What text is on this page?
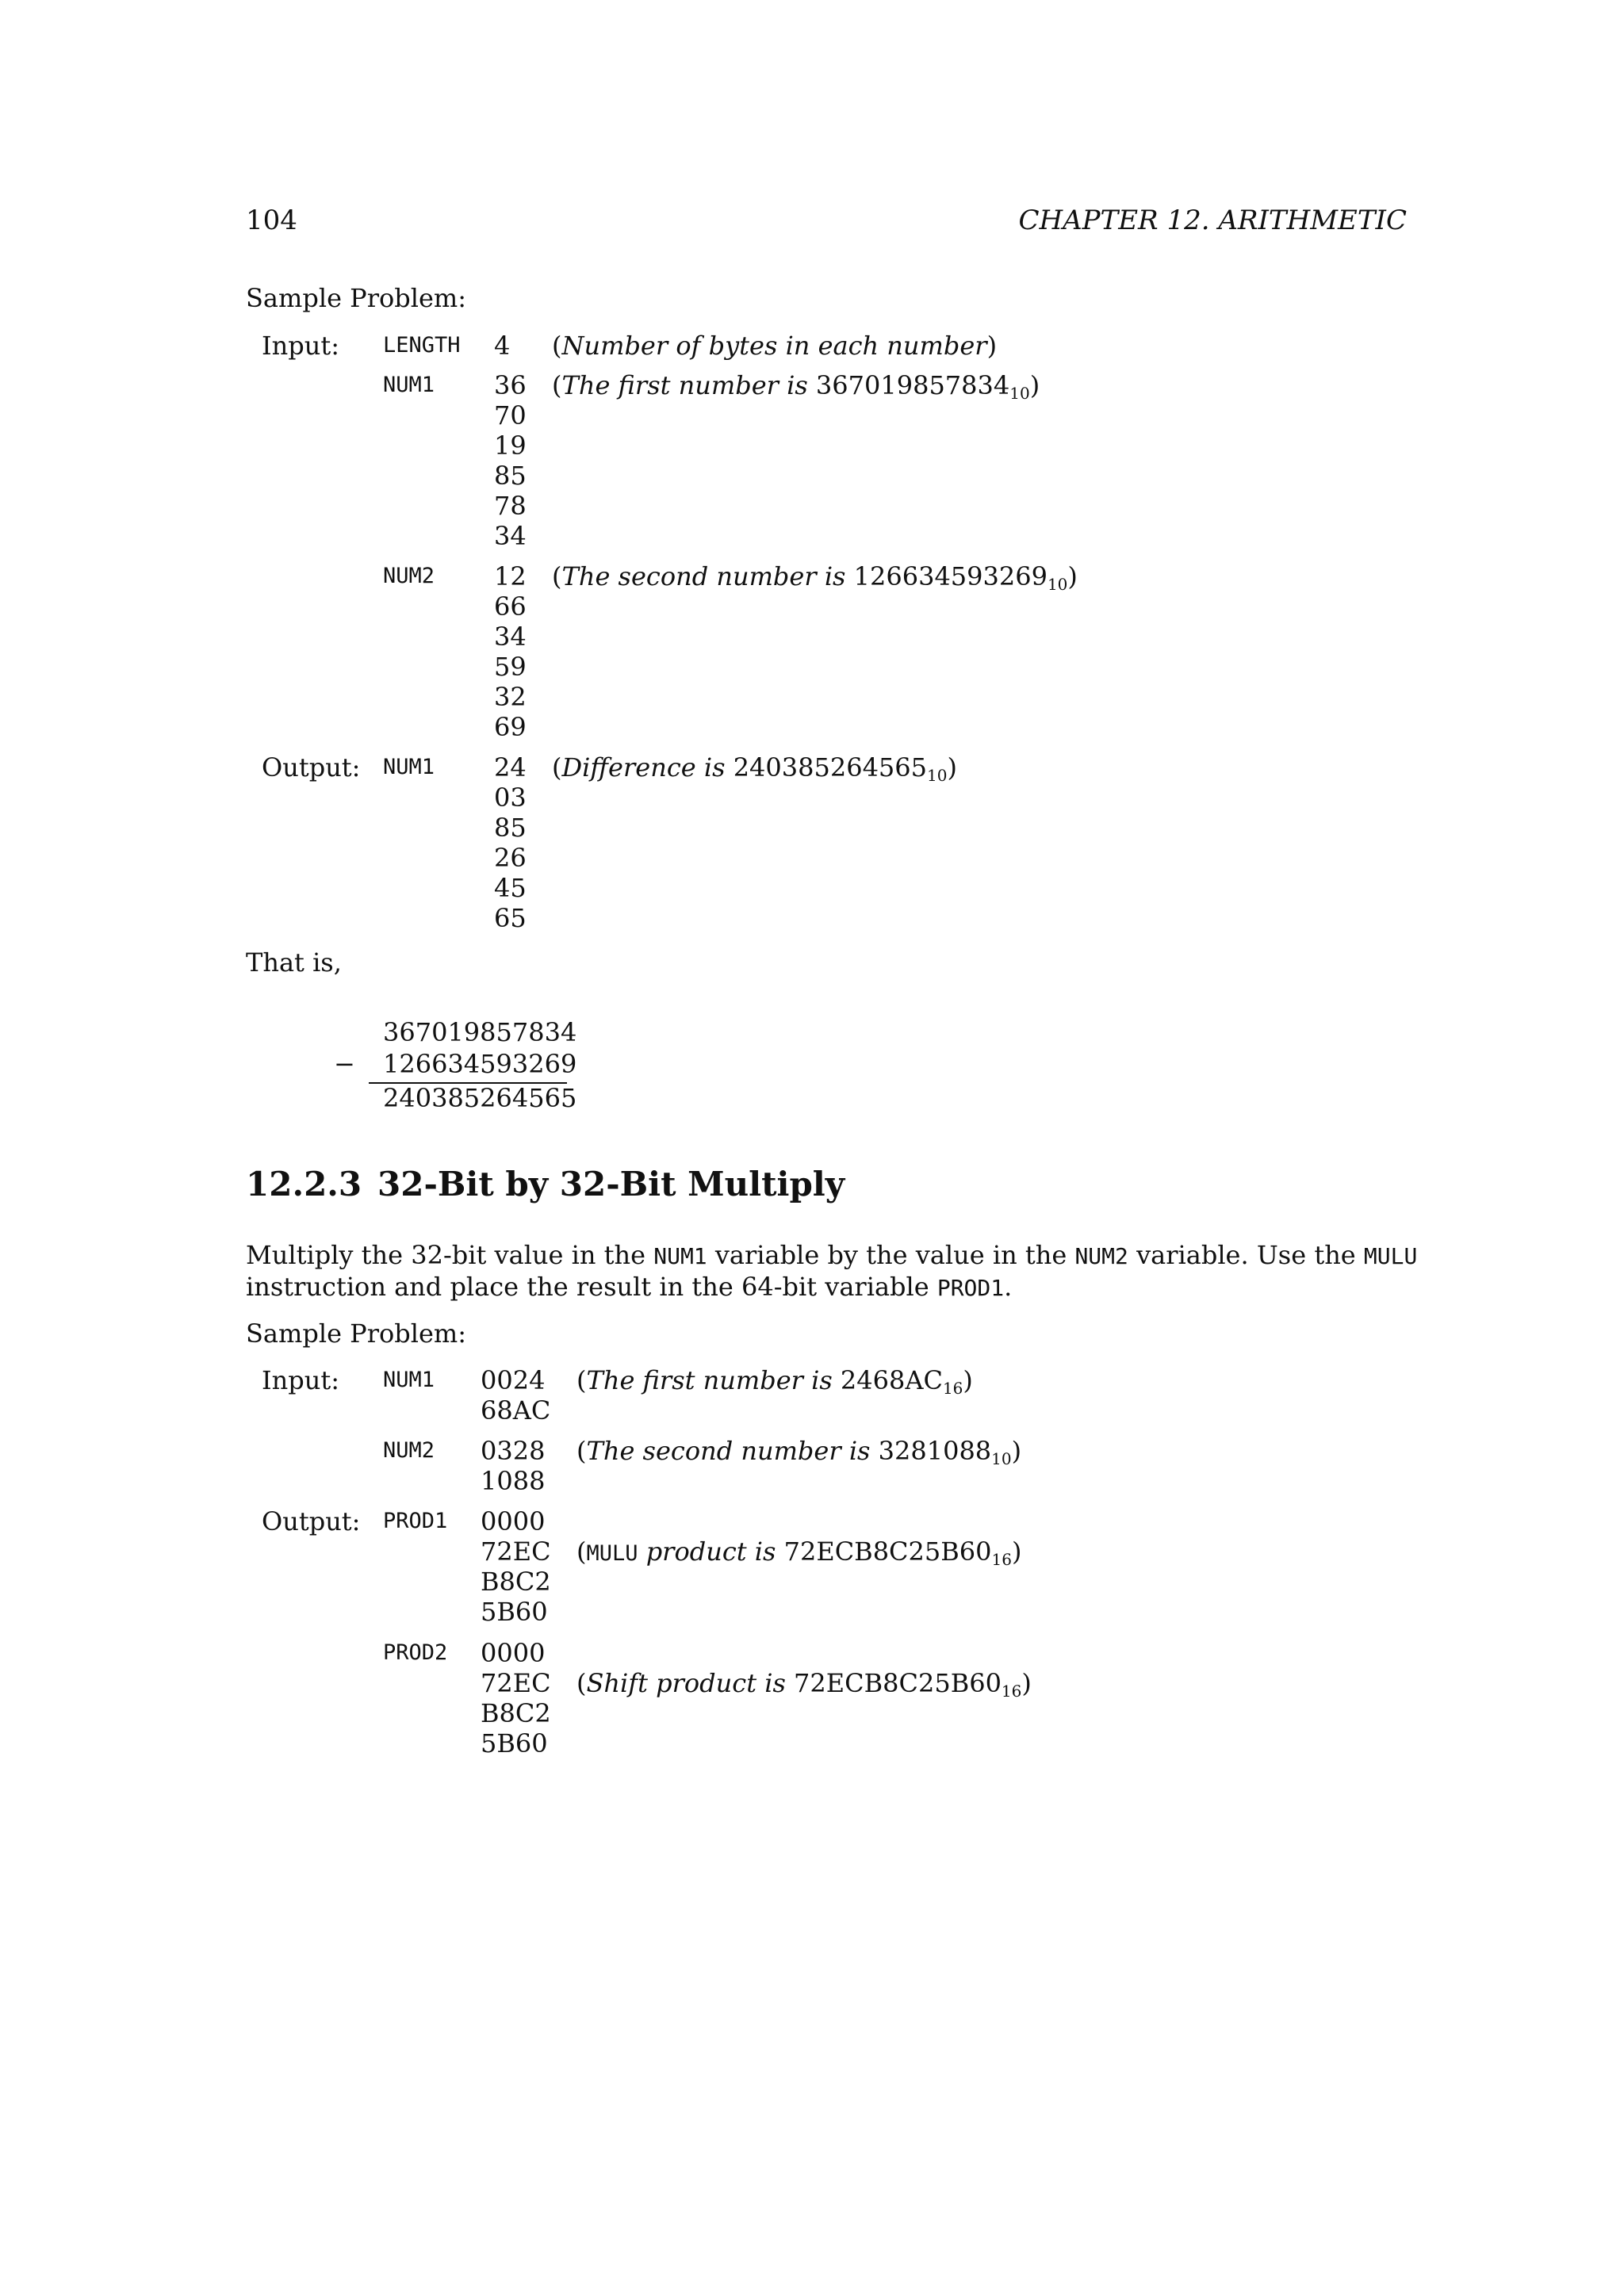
104	CHAPTER 12. ARITHMETIC
Sample Problem:
Input: LENGTH 4 (Number of bytes in each number)
NUM1 36
70
19
85
78
34
(The first number is $367019857834_{10}$)
NUM2 12
66
34
59
32
69
(The second number is $126634593269_{10}$)
Output: NUM1 24
03
85
26
45
65
(Difference is $240385264565_{10}$)
That is,
367019857834
− 126634593269
240385264565
12.2.3 32-Bit by 32-Bit Multiply
Multiply the 32-bit value in the NUM1 variable by the value in the NUM2 variable. Use the MULU
instruction and place the result in the 64-bit variable PROD1.
Sample Problem:
Input: NUM1 0024
68AC
(The first number is $2468AC_{16}$)
NUM2 0328
1088
(The second number is $3281088_{10}$)
Output: PROD1 0000
72EC
B8C2
5B60
(MULU product is $72ECB8C25B60_{16}$)
PROD2 0000
72EC
B8C2
5B60
(Shift product is $72ECB8C25B60_{16}$)
